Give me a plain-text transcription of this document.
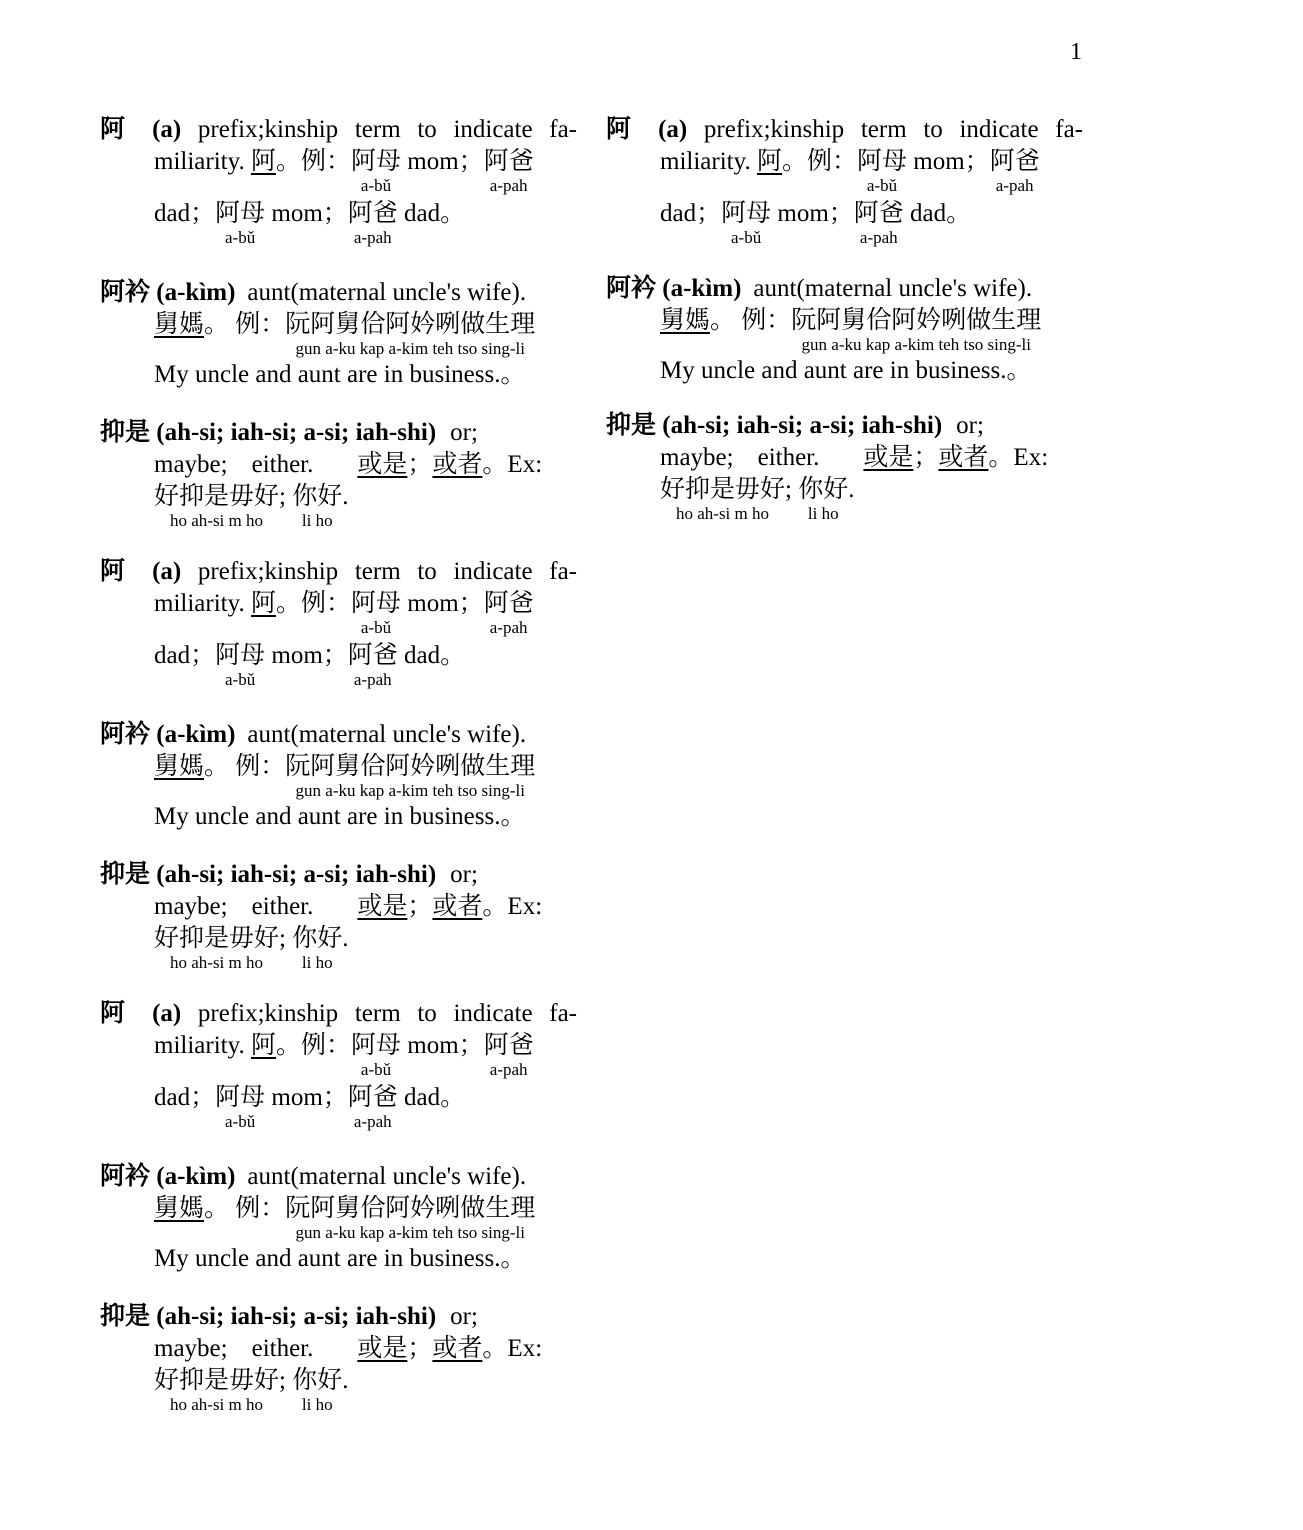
1
阿 (a) prefix;kinship term to indicate fa-
miliarity. 阿。例：阿母
a-bǔ
mom；阿爸
a-pah
dad；阿母
a-bǔ
mom；阿爸
a-pah
dad。
阿衿 (a-kìm) aunt(maternal uncle's wife).
舅媽。 例：阮阿舅佮阿妗咧做生理
gun a-ku kap a-kim teh tso sing-li
My uncle and aunt are in business.。
抑是 (ah-si; iah-si; a-si; iah-shi) or;
maybe; either. 或是；或者。Ex:
好抑是毋好
ho ah-si m ho
; 你好
li ho
.
阿 (a) prefix;kinship term to indicate fa-
miliarity. 阿。例：阿母
a-bǔ
mom；阿爸
a-pah
dad；阿母
a-bǔ
mom；阿爸
a-pah
dad。
阿衿 (a-kìm) aunt(maternal uncle's wife).
舅媽。 例：阮阿舅佮阿妗咧做生理
gun a-ku kap a-kim teh tso sing-li
My uncle and aunt are in business.。
抑是 (ah-si; iah-si; a-si; iah-shi) or;
maybe; either. 或是；或者。Ex:
好抑是毋好
ho ah-si m ho
; 你好
li ho
.
阿 (a) prefix;kinship term to indicate fa-
miliarity. 阿。例：阿母
a-bǔ
mom；阿爸
a-pah
dad；阿母
a-bǔ
mom；阿爸
a-pah
dad。
阿衿 (a-kìm) aunt(maternal uncle's wife).
舅媽。 例：阮阿舅佮阿妗咧做生理
gun a-ku kap a-kim teh tso sing-li
My uncle and aunt are in business.。
抑是 (ah-si; iah-si; a-si; iah-shi) or;
maybe; either. 或是；或者。Ex:
好抑是毋好
ho ah-si m ho
; 你好
li ho
.
阿 (a) prefix;kinship term to indicate fa-
miliarity. 阿。例：阿母
a-bǔ
mom；阿爸
a-pah
dad；阿母
a-bǔ
mom；阿爸
a-pah
dad。
阿衿 (a-kìm) aunt(maternal uncle's wife).
舅媽。 例：阮阿舅佮阿妗咧做生理
gun a-ku kap a-kim teh tso sing-li
My uncle and aunt are in business.。
抑是 (ah-si; iah-si; a-si; iah-shi) or;
maybe; either. 或是；或者。Ex:
好抑是毋好
ho ah-si m ho
; 你好
li ho
.
